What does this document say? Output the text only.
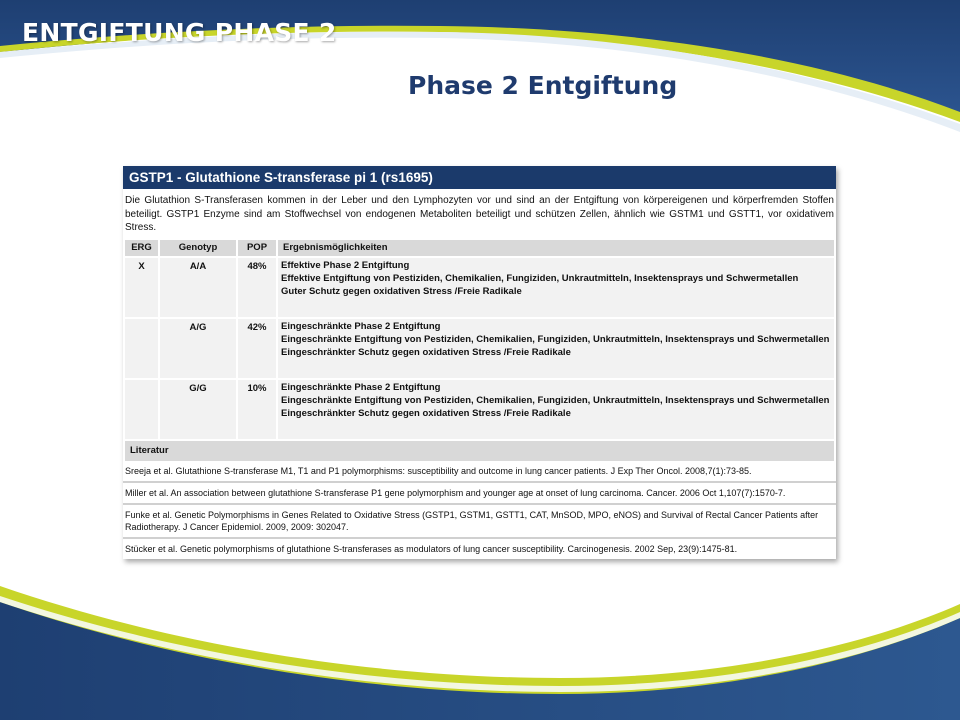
ENTGIFTUNG PHASE 2
Phase 2 Entgiftung
GSTP1 - Glutathione S-transferase pi 1 (rs1695)
Die Glutathion S-Transferasen kommen in der Leber und den Lymphozyten vor und sind an der Entgiftung von körpereigenen und körperfremden Stoffen beteiligt. GSTP1 Enzyme sind am Stoffwechsel von endogenen Metaboliten beteiligt und schützen Zellen, ähnlich wie GSTM1 und GSTT1, vor oxidativem Stress.
ERG	Genotyp	POP	Ergebnismöglichkeiten
X	A/A	48%	Effektive Phase 2 Entgiftung
Effektive Entgiftung von Pestiziden, Chemikalien, Fungiziden, Unkrautmitteln, Insektensprays und Schwermetallen
Guter Schutz gegen oxidativen Stress /Freie Radikale

	A/G	42%	Eingeschränkte Phase 2 Entgiftung
Eingeschränkte Entgiftung von Pestiziden, Chemikalien, Fungiziden, Unkrautmitteln, Insektensprays und Schwermetallen
Eingeschränkter Schutz gegen oxidativen Stress /Freie Radikale

	G/G	10%	Eingeschränkte Phase 2 Entgiftung
Eingeschränkte Entgiftung von Pestiziden, Chemikalien, Fungiziden, Unkrautmitteln, Insektensprays und Schwermetallen
Eingeschränkter Schutz gegen oxidativen Stress /Freie Radikale
Literatur
Sreeja et al. Glutathione S-transferase M1, T1 and P1 polymorphisms: susceptibility and outcome in lung cancer patients. J Exp Ther Oncol. 2008,7(1):73-85.
Miller et al. An association between glutathione S-transferase P1 gene polymorphism and younger age at onset of lung carcinoma. Cancer. 2006 Oct 1,107(7):1570-7.
Funke et al. Genetic Polymorphisms in Genes Related to Oxidative Stress (GSTP1, GSTM1, GSTT1, CAT, MnSOD, MPO, eNOS) and Survival of Rectal Cancer Patients after Radiotherapy. J Cancer Epidemiol. 2009, 2009: 302047.
Stücker et al. Genetic polymorphisms of glutathione S-transferases as modulators of lung cancer susceptibility. Carcinogenesis. 2002 Sep, 23(9):1475-81.
